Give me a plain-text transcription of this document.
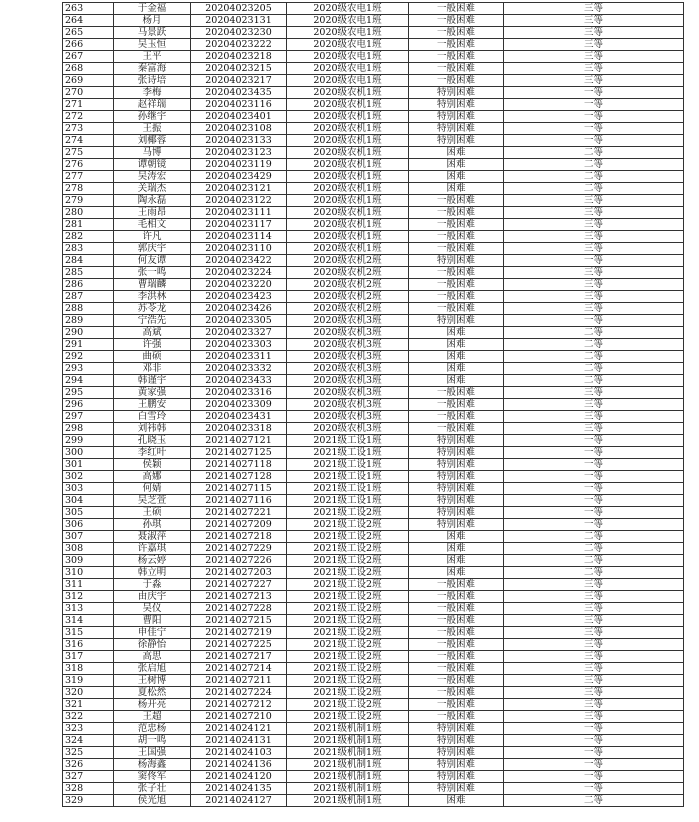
263	于金福	20204023205	2020级农电1班	一般困难	三等
264	杨月	20204023131	2020级农电1班	一般困难	三等
265	马景跃	20204023230	2020级农电1班	一般困难	三等
266	吴玉恒	20204023222	2020级农电1班	一般困难	三等
267	王平	20204023218	2020级农电1班	一般困难	三等
268	秦富海	20204023215	2020级农电1班	一般困难	三等
269	张诗培	20204023217	2020级农电1班	一般困难	三等
270	李梅	20204023435	2020级农机1班	特别困难	一等
271	赵祥瑞	20204023116	2020级农机1班	特别困难	一等
272	孙继宇	20204023401	2020级农机1班	特别困难	一等
273	王振	20204023108	2020级农机1班	特别困难	一等
274	刘椰蓉	20204023133	2020级农机1班	特别困难	一等
275	马博	20204023123	2020级农机1班	困难	二等
276	谭朝镜	20204023119	2020级农机1班	困难	二等
277	吴涛宏	20204023429	2020级农机1班	困难	二等
278	关瑞杰	20204023121	2020级农机1班	困难	二等
279	陶永磊	20204023122	2020级农机1班	一般困难	三等
280	王雨昂	20204023111	2020级农机1班	一般困难	三等
281	毛相文	20204023117	2020级农机1班	一般困难	三等
282	许凡	20204023114	2020级农机1班	一般困难	三等
283	郭庆宇	20204023110	2020级农机1班	一般困难	三等
284	何友谭	20204023422	2020级农机2班	特别困难	一等
285	张一鸣	20204023224	2020级农机2班	一般困难	三等
286	曹瑞麟	20204023220	2020级农机2班	一般困难	三等
287	李洪林	20204023423	2020级农机2班	一般困难	三等
288	苏苓龙	20204023426	2020级农机2班	一般困难	三等
289	宁浩先	20204023305	2020级农机3班	特别困难	一等
290	高斌	20204023327	2020级农机3班	困难	二等
291	许强	20204023303	2020级农机3班	困难	二等
292	曲硕	20204023311	2020级农机3班	困难	二等
293	邓非	20204023332	2020级农机3班	困难	二等
294	韩谨宇	20204023433	2020级农机3班	困难	二等
295	黄家强	20204023316	2020级农机3班	一般困难	三等
296	王鹏安	20204023309	2020级农机3班	一般困难	三等
297	白雪玲	20204023431	2020级农机3班	一般困难	三等
298	刘祎韩	20204023318	2020级农机3班	一般困难	三等
299	孔晓玉	20214027121	2021级工设1班	特别困难	一等
300	李红叶	20214027125	2021级工设1班	特别困难	一等
301	侯颖	20214027118	2021级工设1班	特别困难	一等
302	高娜	20214027128	2021级工设1班	特别困难	一等
303	何婧	20214027115	2021级工设1班	特别困难	一等
304	吴芝萱	20214027116	2021级工设1班	特别困难	一等
305	王硕	20214027221	2021级工设2班	特别困难	一等
306	孙琪	20214027209	2021级工设2班	特别困难	一等
307	聂淑萍	20214027218	2021级工设2班	困难	二等
308	许嘉琪	20214027229	2021级工设2班	困难	二等
309	杨云婷	20214027226	2021级工设2班	困难	二等
310	韩立明	20214027203	2021级工设2班	困难	二等
311	于淼	20214027227	2021级工设2班	一般困难	三等
312	由庆宇	20214027213	2021级工设2班	一般困难	三等
313	吴仪	20214027228	2021级工设2班	一般困难	三等
314	曹阳	20214027215	2021级工设2班	一般困难	三等
315	申佳宁	20214027219	2021级工设2班	一般困难	三等
316	徐静怡	20214027225	2021级工设2班	一般困难	三等
317	高思	20214027217	2021级工设2班	一般困难	三等
318	张启旭	20214027214	2021级工设2班	一般困难	三等
319	王树博	20214027211	2021级工设2班	一般困难	三等
320	夏松然	20214027224	2021级工设2班	一般困难	三等
321	杨开亮	20214027212	2021级工设2班	一般困难	三等
322	王超	20214027210	2021级工设2班	一般困难	三等
323	范忠杨	20214024121	2021级机制1班	特别困难	一等
324	胡一鸣	20214024131	2021级机制1班	特别困难	一等
325	王国强	20214024103	2021级机制1班	特别困难	一等
326	杨海鑫	20214024136	2021级机制1班	特别困难	一等
327	窦佟军	20214024120	2021级机制1班	特别困难	一等
328	张子壮	20214024135	2021级机制1班	特别困难	一等
329	侯光旭	20214024127	2021级机制1班	困难	二等
